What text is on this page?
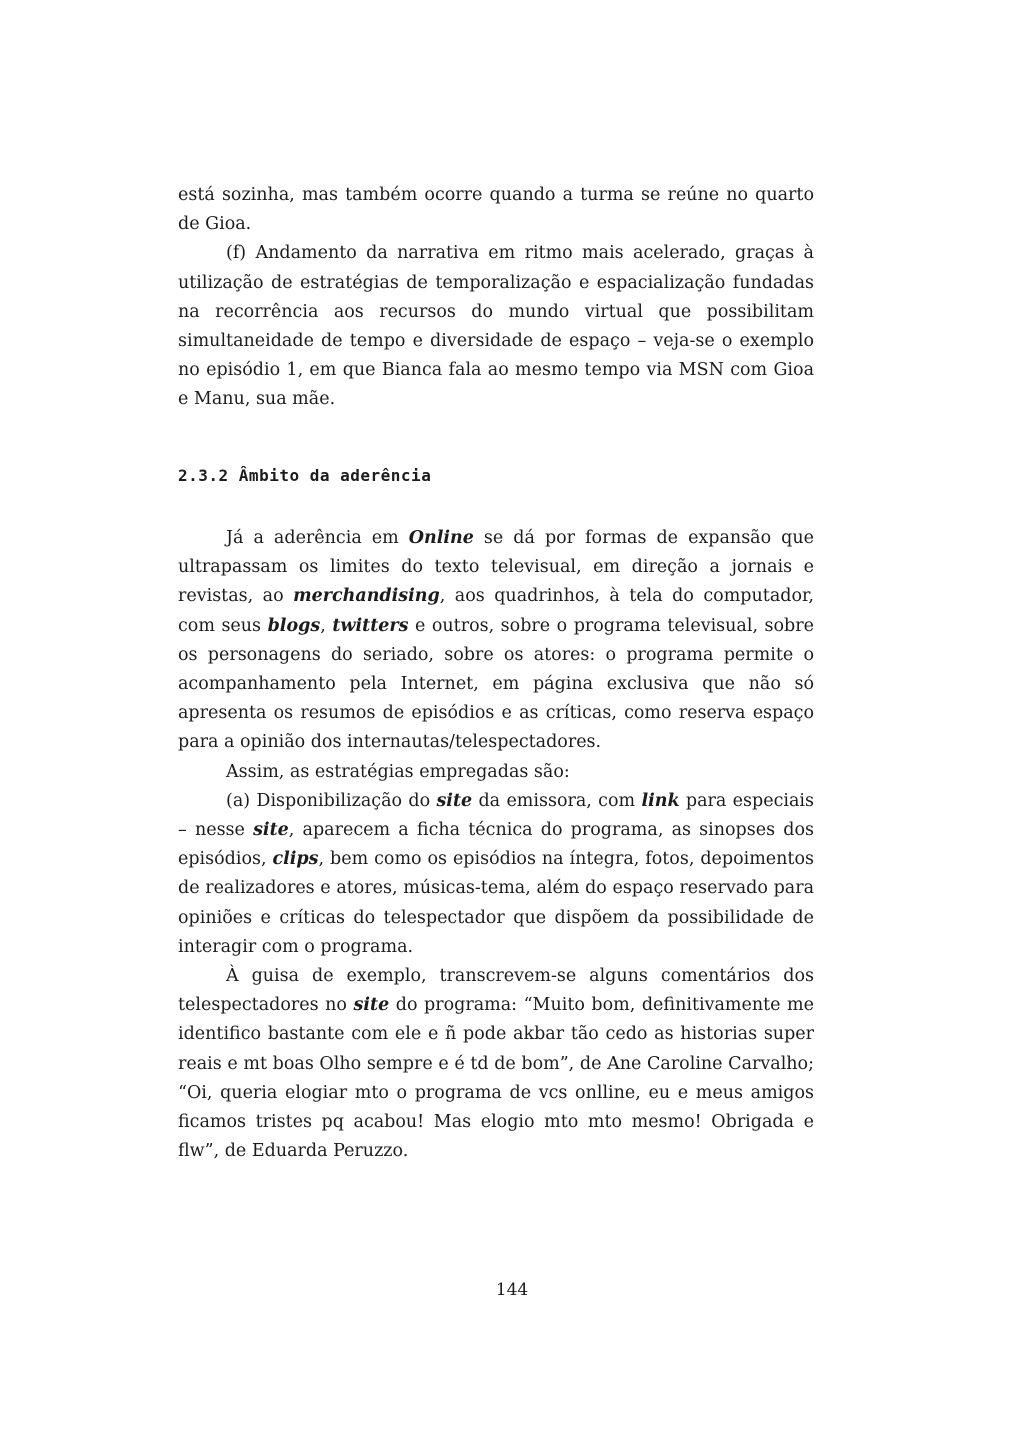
está sozinha, mas também ocorre quando a turma se reúne no quarto de Gioa.

(f) Andamento da narrativa em ritmo mais acelerado, graças à utilização de estratégias de temporalização e espacialização fundadas na recorrência aos recursos do mundo virtual que possibilitam simultaneidade de tempo e diversidade de espaço – veja-se o exemplo no episódio 1, em que Bianca fala ao mesmo tempo via MSN com Gioa e Manu, sua mãe.

2.3.2 Âmbito da aderência

Já a aderência em Online se dá por formas de expansão que ultrapassam os limites do texto televisual, em direção a jornais e revistas, ao merchandising, aos quadrinhos, à tela do computador, com seus blogs, twitters e outros, sobre o programa televisual, sobre os personagens do seriado, sobre os atores: o programa permite o acompanhamento pela Internet, em página exclusiva que não só apresenta os resumos de episódios e as críticas, como reserva espaço para a opinião dos internautas/telespectadores.

Assim, as estratégias empregadas são:

(a) Disponibilização do site da emissora, com link para especiais – nesse site, aparecem a ficha técnica do programa, as sinopses dos episódios, clips, bem como os episódios na íntegra, fotos, depoimentos de realizadores e atores, músicas-tema, além do espaço reservado para opiniões e críticas do telespectador que dispõem da possibilidade de interagir com o programa.

À guisa de exemplo, transcrevem-se alguns comentários dos telespectadores no site do programa: “Muito bom, definitivamente me identifico bastante com ele e ñ pode akbar tão cedo as historias super reais e mt boas Olho sempre e é td de bom”, de Ane Caroline Carvalho; “Oi, queria elogiar mto o programa de vcs onlline, eu e meus amigos ficamos tristes pq acabou! Mas elogio mto mto mesmo! Obrigada e flw”, de Eduarda Peruzzo.

144
